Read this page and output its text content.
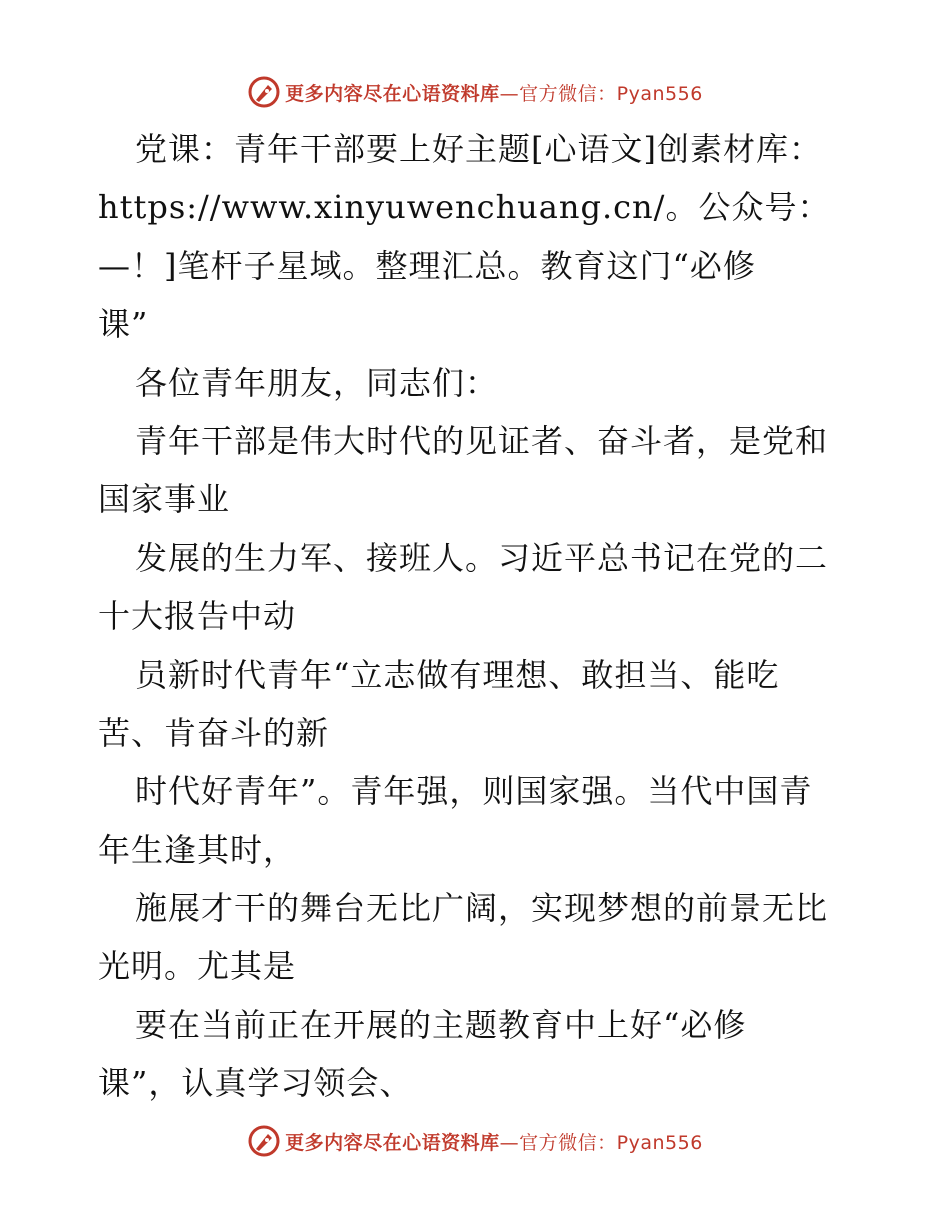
更多内容尽在心语资料库—官方微信：Pyan556
党课：青年干部要上好主题[心语文]创素材库：
https://www.xinyuwenchuang.cn/。公众号：
—！]笔杆子星域。整理汇总。教育这门“必修
课”
各位青年朋友，同志们：
青年干部是伟大时代的见证者、奋斗者，是党和
国家事业
发展的生力军、接班人。习近平总书记在党的二
十大报告中动
员新时代青年“立志做有理想、敢担当、能吃
苦、肯奋斗的新
时代好青年”。青年强，则国家强。当代中国青
年生逢其时，
施展才干的舞台无比广阔，实现梦想的前景无比
光明。尤其是
要在当前正在开展的主题教育中上好“必修
课”，认真学习领会、
更多内容尽在心语资料库—官方微信：Pyan556
